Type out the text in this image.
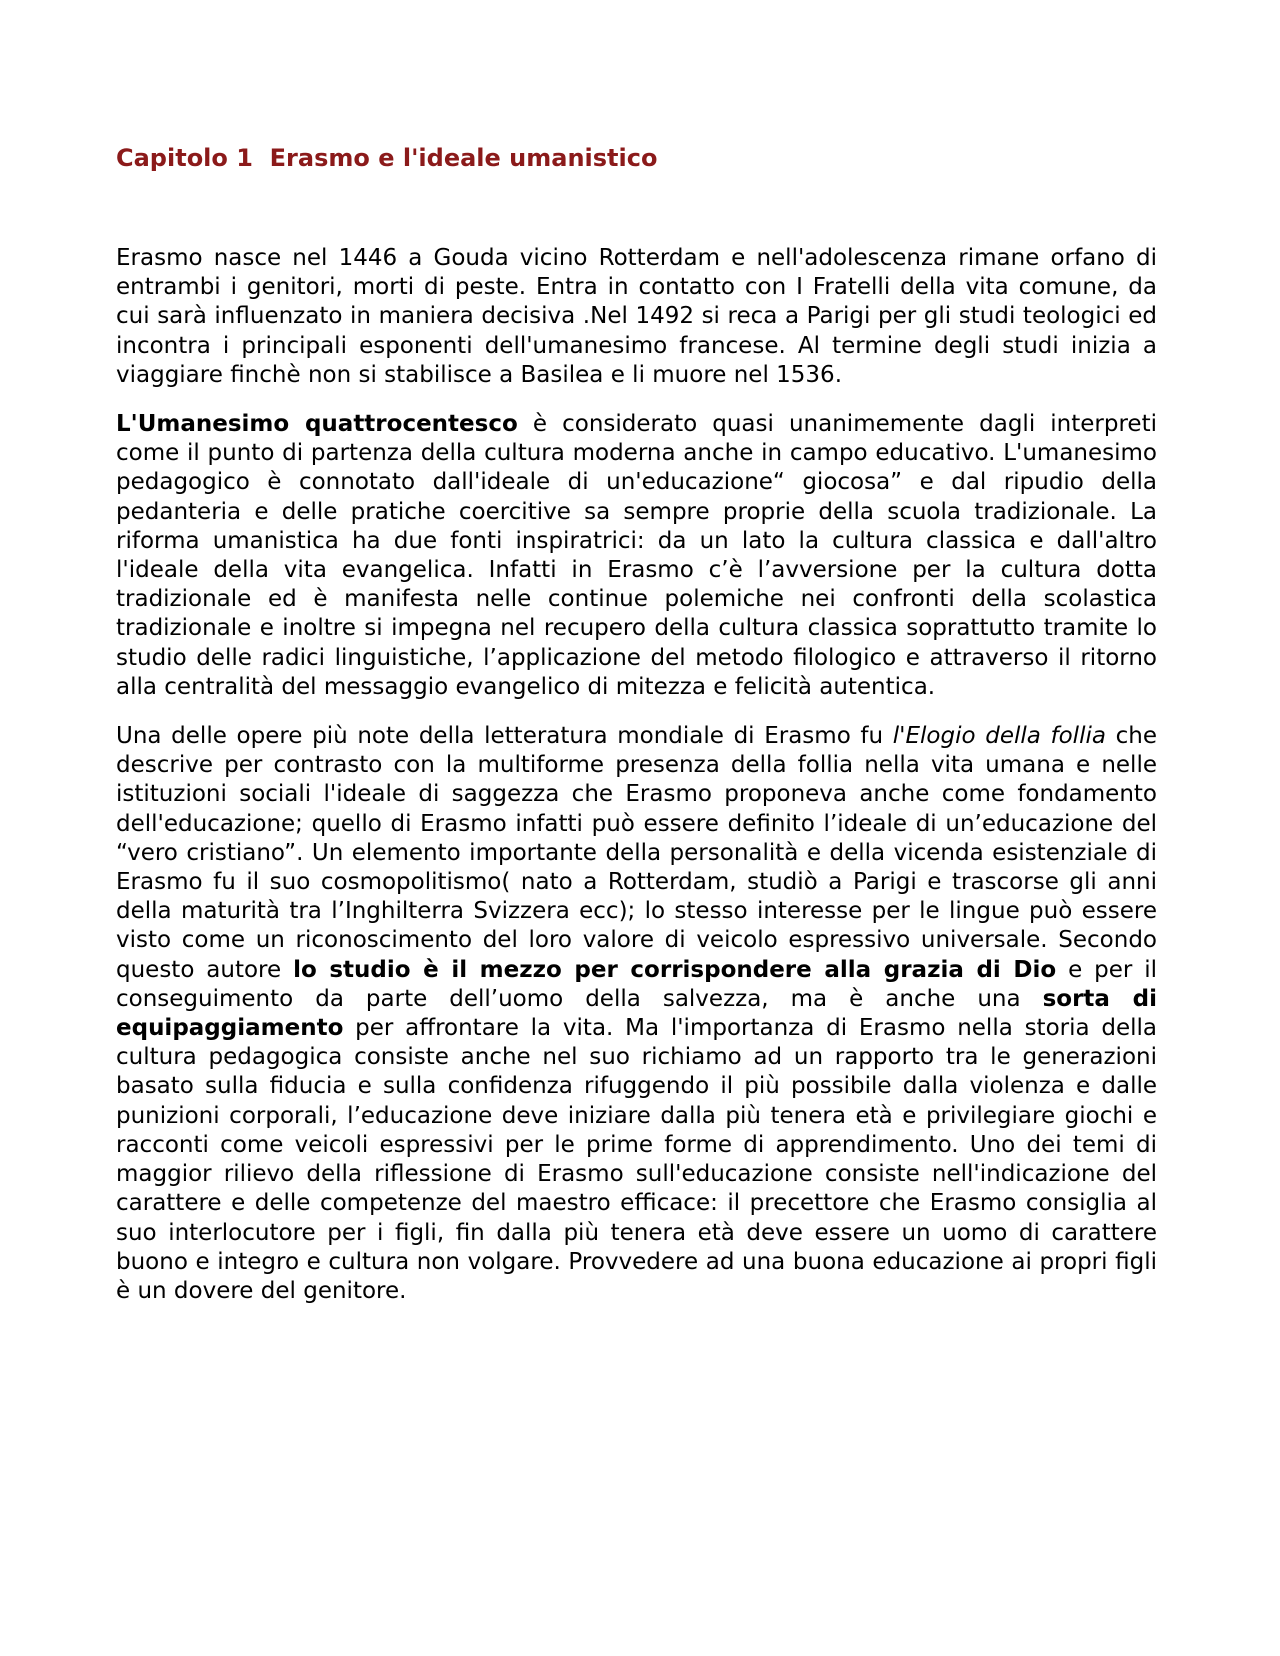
Capitolo 1  Erasmo e l'ideale umanistico

Erasmo nasce nel 1446 a Gouda vicino Rotterdam e nell'adolescenza rimane orfano di entrambi i genitori, morti di peste. Entra in contatto con I Fratelli della vita comune, da cui sarà influenzato in maniera decisiva .Nel 1492 si reca a Parigi per gli studi teologici ed incontra i principali esponenti dell'umanesimo francese. Al termine degli studi inizia a viaggiare finchè non si stabilisce a Basilea e li muore nel 1536.

L'Umanesimo quattrocentesco è considerato quasi unanimemente dagli interpreti come il punto di partenza della cultura moderna anche in campo educativo. L'umanesimo pedagogico è connotato dall'ideale di un'educazione“ giocosa” e dal ripudio della pedanteria e delle pratiche coercitive sa sempre proprie della scuola tradizionale. La riforma umanistica ha due fonti inspiratrici: da un lato la cultura classica e dall'altro l'ideale della vita evangelica. Infatti in Erasmo c’è l’avversione per la cultura dotta tradizionale ed è manifesta nelle continue polemiche nei confronti della scolastica tradizionale e inoltre si impegna nel recupero della cultura classica soprattutto tramite lo studio delle radici linguistiche, l’applicazione del metodo filologico e attraverso il ritorno alla centralità del messaggio evangelico di mitezza e felicità autentica.

Una delle opere più note della letteratura mondiale di Erasmo fu l'Elogio della follia che descrive per contrasto con la multiforme presenza della follia nella vita umana e nelle istituzioni sociali l'ideale di saggezza che Erasmo proponeva anche come fondamento dell'educazione; quello di Erasmo infatti può essere definito l’ideale di un’educazione del “vero cristiano”. Un elemento importante della personalità e della vicenda esistenziale di Erasmo fu il suo cosmopolitismo( nato a Rotterdam, studiò a Parigi e trascorse gli anni della maturità tra l’Inghilterra Svizzera ecc); lo stesso interesse per le lingue può essere visto come un riconoscimento del loro valore di veicolo espressivo universale. Secondo questo autore lo studio è il mezzo per corrispondere alla grazia di Dio e per il conseguimento da parte dell’uomo della salvezza, ma è anche una sorta di equipaggiamento per affrontare la vita. Ma l'importanza di Erasmo nella storia della cultura pedagogica consiste anche nel suo richiamo ad un rapporto tra le generazioni basato sulla fiducia e sulla confidenza rifuggendo il più possibile dalla violenza e dalle punizioni corporali, l’educazione deve iniziare dalla più tenera età e privilegiare giochi e racconti come veicoli espressivi per le prime forme di apprendimento. Uno dei temi di maggior rilievo della riflessione di Erasmo sull'educazione consiste nell'indicazione del carattere e delle competenze del maestro efficace: il precettore che Erasmo consiglia al suo interlocutore per i figli, fin dalla più tenera età deve essere un uomo di carattere buono e integro e cultura non volgare. Provvedere ad una buona educazione ai propri figli è un dovere del genitore.
